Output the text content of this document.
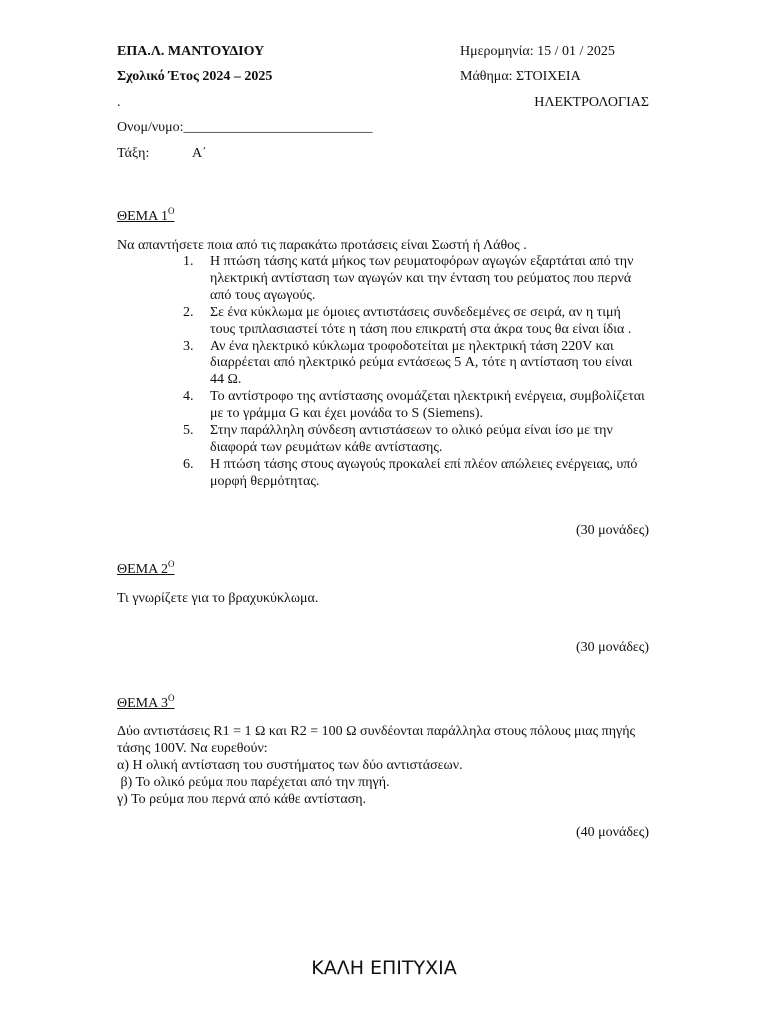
ΕΠΑ.Λ. ΜΑΝΤΟΥΔΙΟΥ
Σχολικό Έτος 2024 – 2025
.
Ημερομηνία: 15 / 01 / 2025
Μάθημα: ΣΤΟΙΧΕΙΑ
ΗΛΕΚΤΡΟΛΟΓΙΑΣ
Ονομ/νυμο:___________________________
Τάξη:	Α΄
ΘΕΜΑ $1^O$
Να απαντήσετε ποια από τις παρακάτω προτάσεις είναι Σωστή ή Λάθος .
1. Η πτώση τάσης κατά μήκος των ρευματοφόρων αγωγών εξαρτάται από την ηλεκτρική αντίσταση των αγωγών και την ένταση του ρεύματος που περνά από τους αγωγούς.
2. Σε ένα κύκλωμα με όμοιες αντιστάσεις συνδεδεμένες σε σειρά, αν η τιμή τους τριπλασιαστεί τότε η τάση που επικρατή στα άκρα τους θα είναι ίδια .
3. Αν ένα ηλεκτρικό κύκλωμα τροφοδοτείται με ηλεκτρική τάση 220V και διαρρέεται από ηλεκτρικό ρεύμα εντάσεως 5 A, τότε η αντίσταση του είναι 44 Ω.
4. Το αντίστροφο της αντίστασης ονομάζεται ηλεκτρική ενέργεια, συμβολίζεται με το γράμμα G και έχει μονάδα το S (Siemens).
5. Στην παράλληλη σύνδεση αντιστάσεων το ολικό ρεύμα είναι ίσο με την διαφορά των ρευμάτων κάθε αντίστασης.
6. Η πτώση τάσης στους αγωγούς προκαλεί επί πλέον απώλειες ενέργειας, υπό μορφή θερμότητας.
(30 μονάδες)
ΘΕΜΑ $2^O$
Τι γνωρίζετε για το βραχυκύκλωμα.
(30 μονάδες)
ΘΕΜΑ $3^O$
Δύο αντιστάσεις R1 = 1 Ω και R2 = 100 Ω συνδέονται παράλληλα στους πόλους μιας πηγής τάσης 100V. Να ευρεθούν:
α) Η ολική αντίσταση του συστήματος των δύο αντιστάσεων.
β) Το ολικό ρεύμα που παρέχεται από την πηγή.
γ) Το ρεύμα που περνά από κάθε αντίσταση.
(40 μονάδες)
ΚΑΛΗ ΕΠΙΤΥΧΙΑ
